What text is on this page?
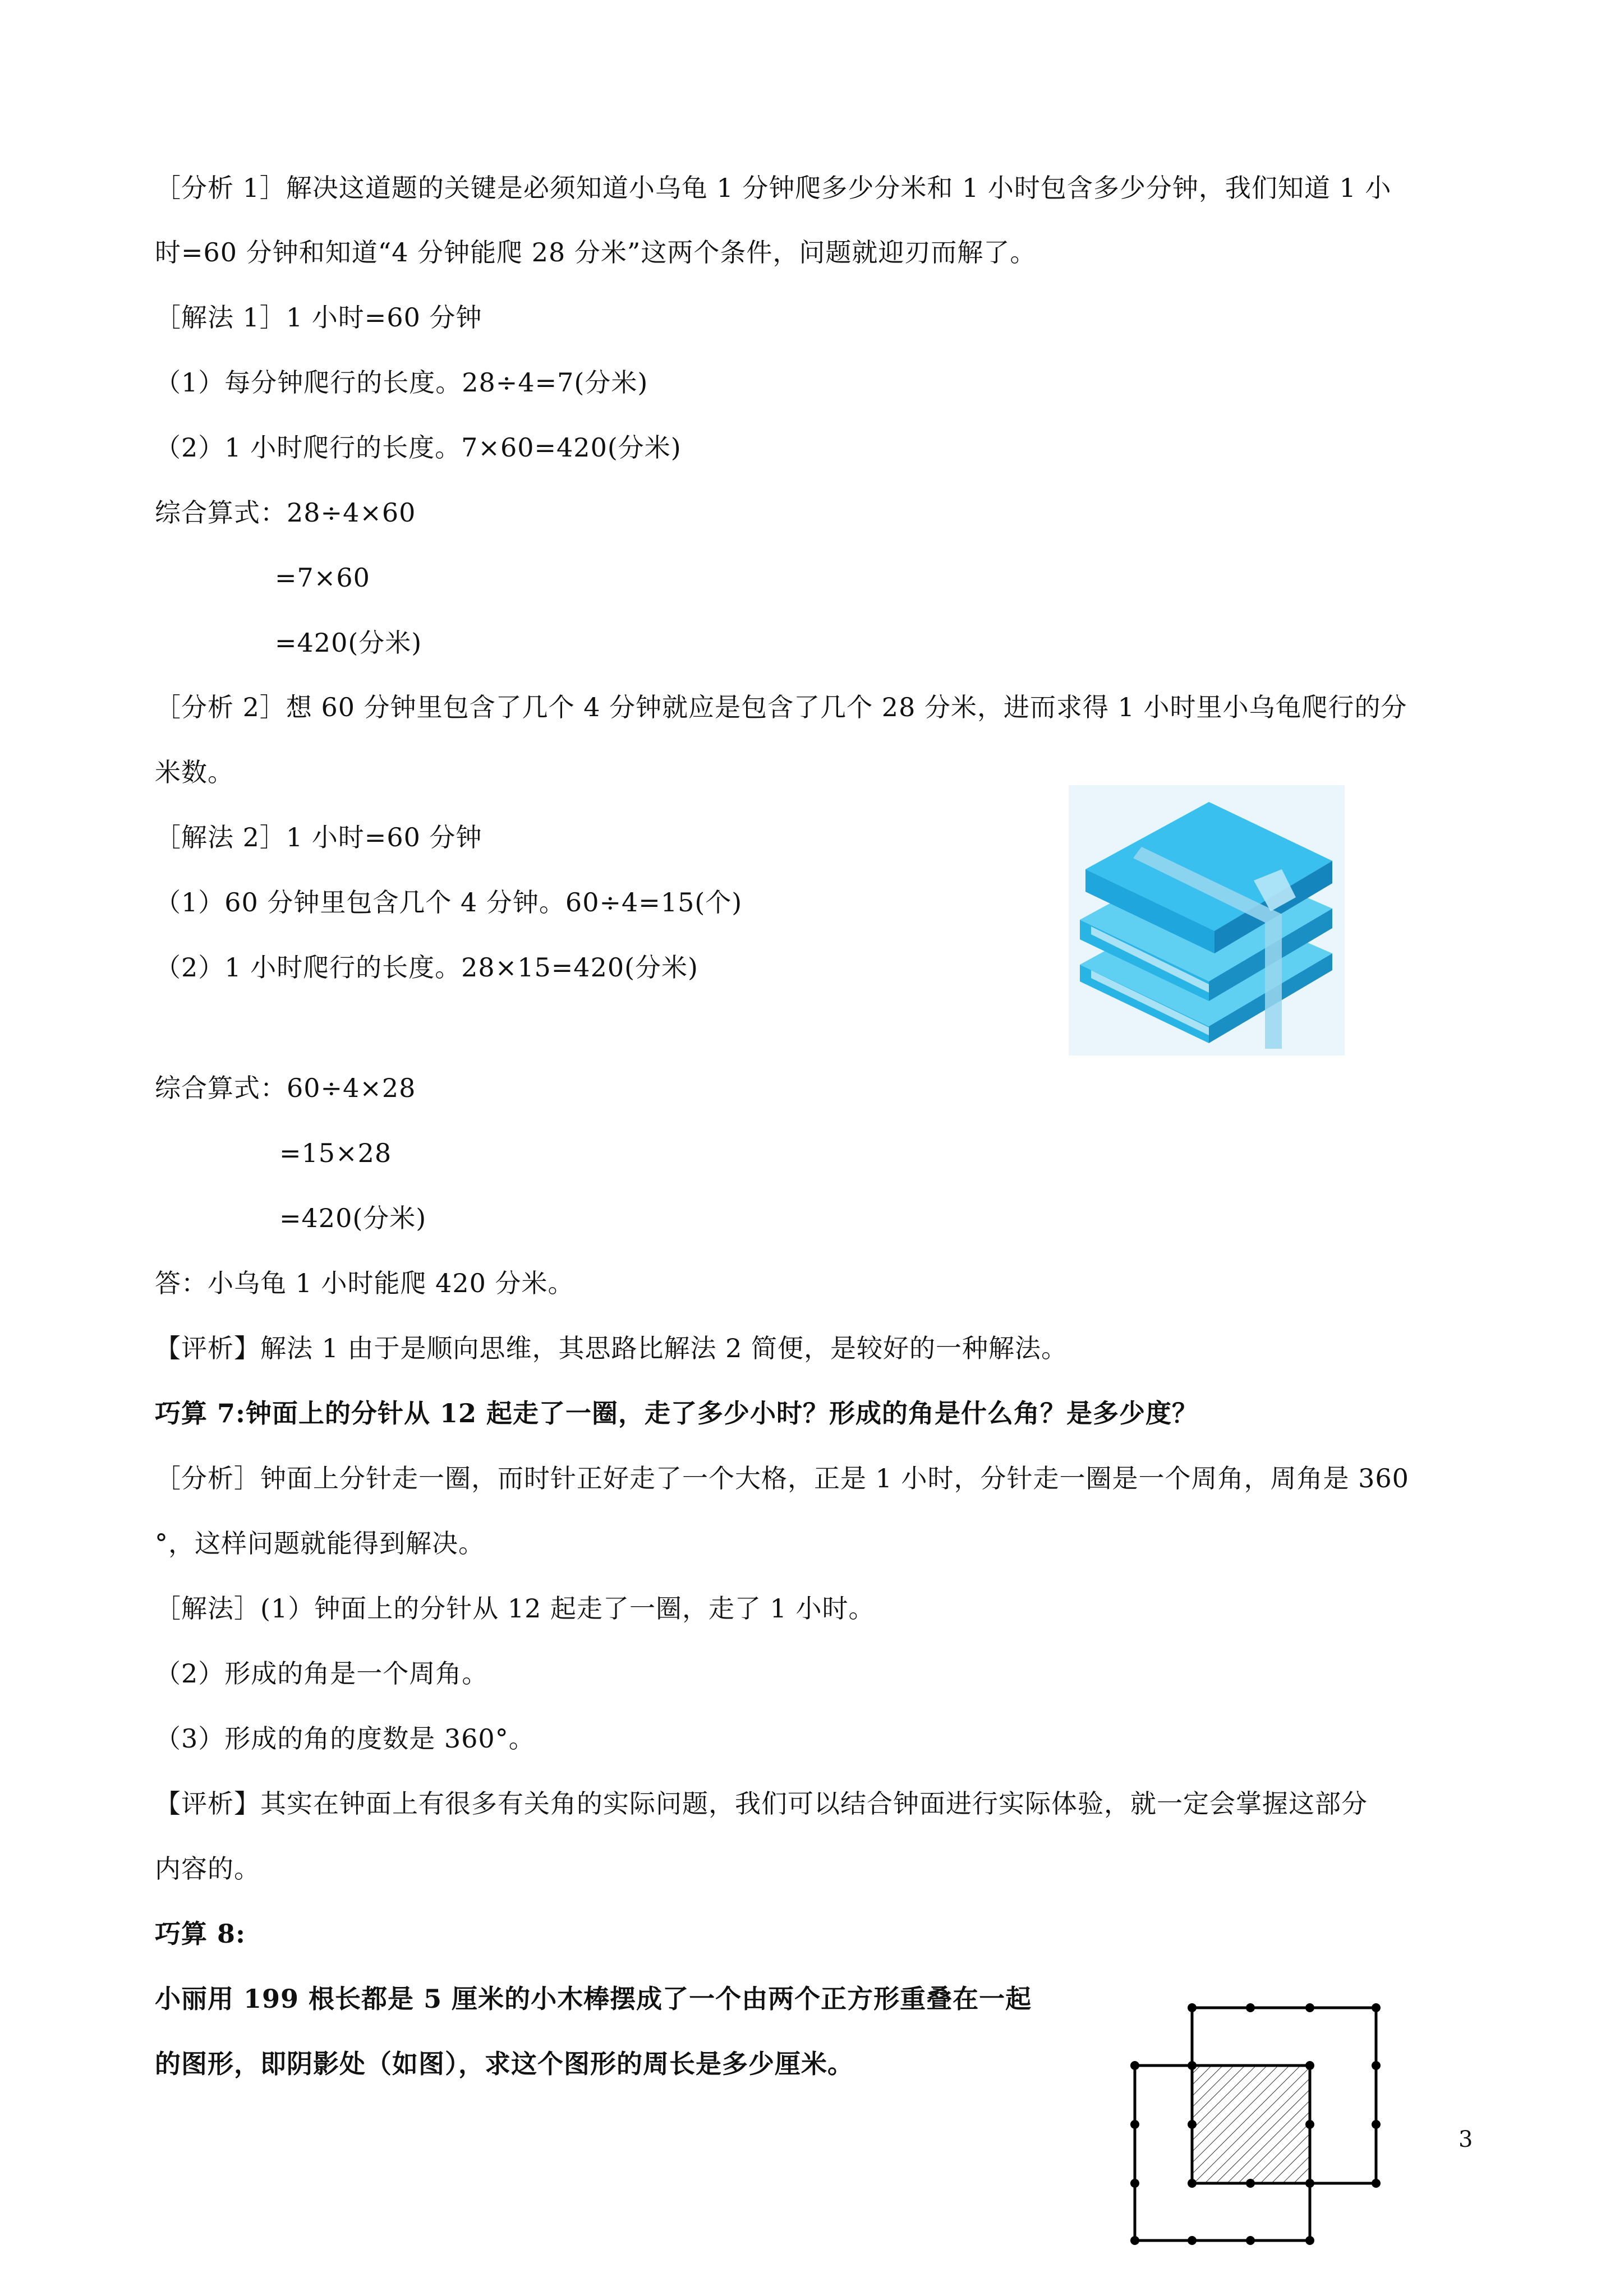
［分析 1］解决这道题的关键是必须知道小乌龟 1 分钟爬多少分米和 1 小时包含多少分钟，我们知道 1 小
时=60 分钟和知道“4 分钟能爬 28 分米”这两个条件，问题就迎刃而解了。
［解法 1］1 小时=60 分钟
（1）每分钟爬行的长度。28÷4=7(分米)
（2）1 小时爬行的长度。7×60=420(分米)
综合算式：28÷4×60
=7×60
=420(分米)
［分析 2］想 60 分钟里包含了几个 4 分钟就应是包含了几个 28 分米，进而求得 1 小时里小乌龟爬行的分
米数。
［解法 2］1 小时=60 分钟
（1）60 分钟里包含几个 4 分钟。60÷4=15(个)
（2）1 小时爬行的长度。28×15=420(分米)
综合算式：60÷4×28
=15×28
=420(分米)
答：小乌龟 1 小时能爬 420 分米。
【评析】解法 1 由于是顺向思维，其思路比解法 2 简便，是较好的一种解法。
巧算 7:钟面上的分针从 12 起走了一圈，走了多少小时？形成的角是什么角？是多少度？
［分析］钟面上分针走一圈，而时针正好走了一个大格，正是 1 小时，分针走一圈是一个周角，周角是 360
°，这样问题就能得到解决。
［解法］(1）钟面上的分针从 12 起走了一圈，走了 1 小时。
（2）形成的角是一个周角。
（3）形成的角的度数是 360°。
【评析】其实在钟面上有很多有关角的实际问题，我们可以结合钟面进行实际体验，就一定会掌握这部分
内容的。
巧算 8:
小丽用 199 根长都是 5 厘米的小木棒摆成了一个由两个正方形重叠在一起
的图形，即阴影处（如图），求这个图形的周长是多少厘米。
3
